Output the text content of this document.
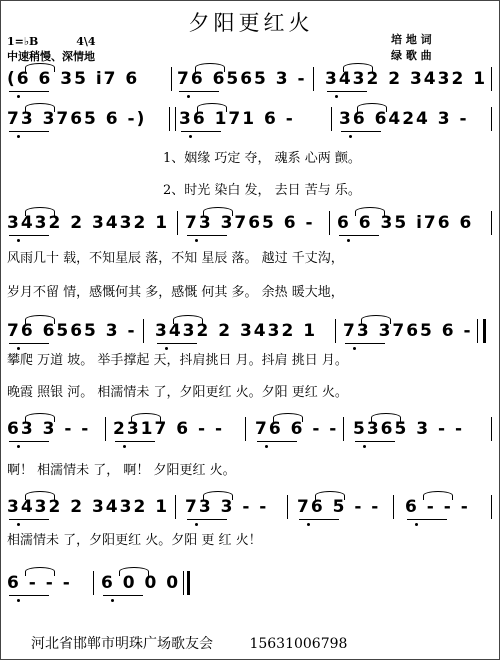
夕阳更红火
1=♭B	4\4
中速稍慢、深情地
培 地 词
绿 歌 曲
(6 6 35 i7 6 76 6565 3 - 3432 2 3432 1
73 3765 6 -) 36 171 6 -	36 6424 3 -
3432 2 3432 1 73 3765 6 - 6 6 35 i76 6
76 6565 3 - 3432 2 3432 1 73 3765 6 -
63 3 - - 2317 6 - - 76 6 - - 5365 3 - -
3432 2 3432 1 73 3 - - 76 5 - - 6 - - -
6 - - - 6 0 0 0
1、姻缘 巧定 夺， 魂系 心两 颤。
2、时光 染白 发， 去日 苦与 乐。
风雨几十 载，不知星辰 落，不知 星辰 落。 越过 千丈沟，
岁月不留 情，感慨何其 多，感慨 何其 多。 余热 暖大地，
攀爬 万道 坡。 举手撑起 天，抖肩挑日 月。抖肩 挑日 月。
晚霞 照银 河。 相濡情未 了，夕阳更红 火。夕阳 更红 火。
啊！ 相濡情未 了， 啊！ 夕阳更红 火。
相濡情未 了，夕阳更红 火。夕阳 更 红 火！
河北省邯郸市明珠广场歌友会	15631006798
